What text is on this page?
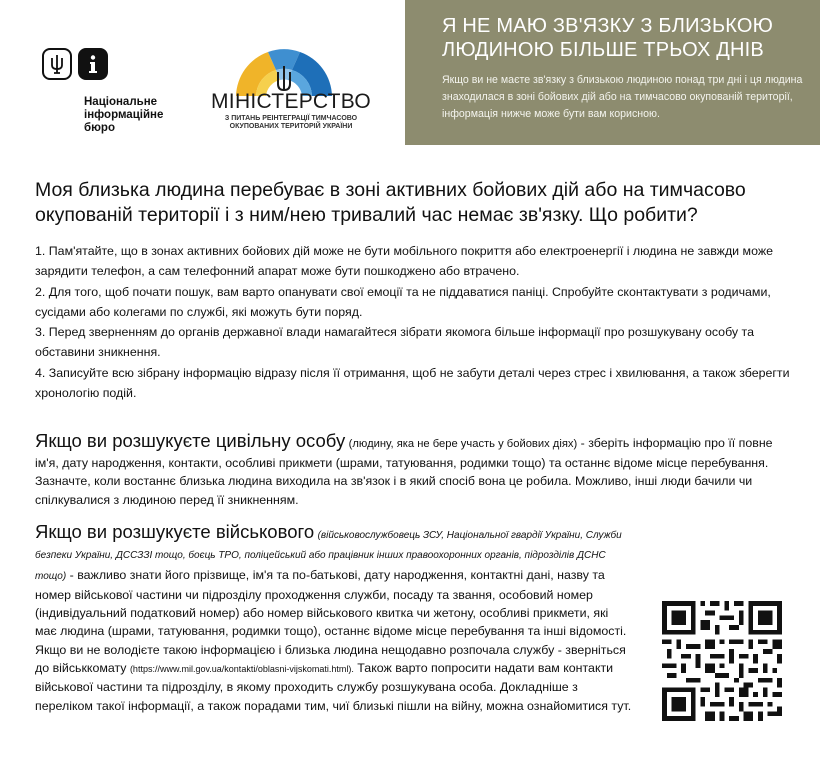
Національне
інформаційне
бюро
МІНІСТЕРСТВО
З ПИТАНЬ РЕІНТЕГРАЦІЇ ТИМЧАСОВО
ОКУПОВАНИХ ТЕРИТОРІЙ УКРАЇНИ
Я НЕ МАЮ ЗВ'ЯЗКУ З БЛИЗЬКОЮ
ЛЮДИНОЮ БІЛЬШЕ ТРЬОХ ДНІВ
Якщо ви не маєте зв'язку з близькою людиною понад три дні і ця людина знаходилася в зоні бойових дій або на тимчасово окупованій території, інформація нижче може бути вам корисною.
Моя близька людина перебуває в зоні активних бойових дій або на тимчасово окупованій території і з ним/нею тривалий час немає зв'язку. Що робити?

1. Пам'ятайте, що в зонах активних бойових дій може не бути мобільного покриття або електроенергії і людина не завжди може зарядити телефон, а сам телефонний апарат може бути пошкоджено або втрачено.

2. Для того, щоб почати пошук, вам варто опанувати свої емоції та не піддаватися паніці. Спробуйте сконтактувати з родичами, сусідами або колегами по службі, які можуть бути поряд.

3. Перед зверненням до органів державної влади намагайтеся зібрати якомога більше інформації про розшукувану особу та обставини зникнення.

4. Записуйте всю зібрану інформацію відразу після її отримання, щоб не забути деталі через стрес і хвилювання, а також зберегти хронологію подій.

Якщо ви розшукуєте цивільну особу (людину, яка не бере участь у бойових діях) - зберіть інформацію про її повне ім'я, дату народження, контакти, особливі прикмети (шрами, татуювання, родимки тощо) та останнє відоме місце перебування. Зазначте, коли востаннє близька людина виходила на зв'язок і в який спосіб вона це робила. Можливо, інші люди бачили чи спілкувалися з людиною перед її зникненням.
Якщо ви розшукуєте військового (військовослужбовець ЗСУ, Національної гвардії України, Служби безпеки України, ДССЗЗІ тощо, боєць ТРО, поліцейський або працівник інших правоохоронних органів, підрозділів ДСНС тощо) - важливо знати його прізвище, ім'я та по-батькові, дату народження, контактні дані, назву та номер військової частини чи підрозділу проходження служби, посаду та звання, особовий номер (індивідуальний податковий номер) або номер військового квитка чи жетону, особливі прикмети, які має людина (шрами, татуювання, родимки тощо), останнє відоме місце перебування та інші відомості. Якщо ви не володієте такою інформацією і близька людина нещодавно розпочала службу - зверніться до військкомату (https://www.mil.gov.ua/kontakti/oblasni-vijskomati.html). Також варто попросити надати вам контакти військової частини та підрозділу, в якому проходить службу розшукувана особа. Докладніше з переліком такої інформації, а також порадами тим, чиї близькі пішли на війну, можна ознайомитися тут.
